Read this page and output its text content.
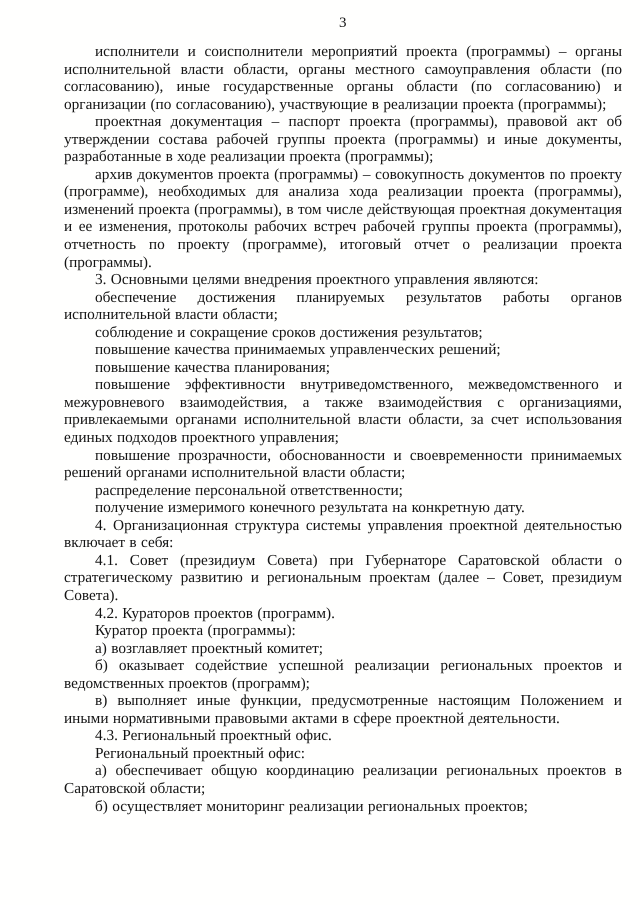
3

исполнители и соисполнители мероприятий проекта (программы) – органы исполнительной власти области, органы местного самоуправления области (по согласованию), иные государственные органы области (по согласованию) и организации (по согласованию), участвующие в реализации проекта (программы);

проектная документация – паспорт проекта (программы), правовой акт об утверждении состава рабочей группы проекта (программы) и иные документы, разработанные в ходе реализации проекта (программы);

архив документов проекта (программы) – совокупность документов по проекту (программе), необходимых для анализа хода реализации проекта (программы), изменений проекта (программы), в том числе действующая проектная документация и ее изменения, протоколы рабочих встреч рабочей группы проекта (программы), отчетность по проекту (программе), итоговый отчет о реализации проекта (программы).

3. Основными целями внедрения проектного управления являются:

обеспечение достижения планируемых результатов работы органов исполнительной власти области;

соблюдение и сокращение сроков достижения результатов;

повышение качества принимаемых управленческих решений;

повышение качества планирования;

повышение эффективности внутриведомственного, межведомственного и межуровневого взаимодействия, а также взаимодействия с организациями, привлекаемыми органами исполнительной власти области, за счет использования единых подходов проектного управления;

повышение прозрачности, обоснованности и своевременности принимаемых решений органами исполнительной власти области;

распределение персональной ответственности;

получение измеримого конечного результата на конкретную дату.

4. Организационная структура системы управления проектной деятельностью включает в себя:

4.1. Совет (президиум Совета) при Губернаторе Саратовской области о стратегическому развитию и региональным проектам (далее – Совет, президиум Совета).

4.2. Кураторов проектов (программ).

Куратор проекта (программы):

а) возглавляет проектный комитет;

б) оказывает содействие успешной реализации региональных проектов и ведомственных проектов (программ);

в) выполняет иные функции, предусмотренные настоящим Положением и иными нормативными правовыми актами в сфере проектной деятельности.

4.3. Региональный проектный офис.

Региональный проектный офис:

а) обеспечивает общую координацию реализации региональных проектов в Саратовской области;

б) осуществляет мониторинг реализации региональных проектов;
